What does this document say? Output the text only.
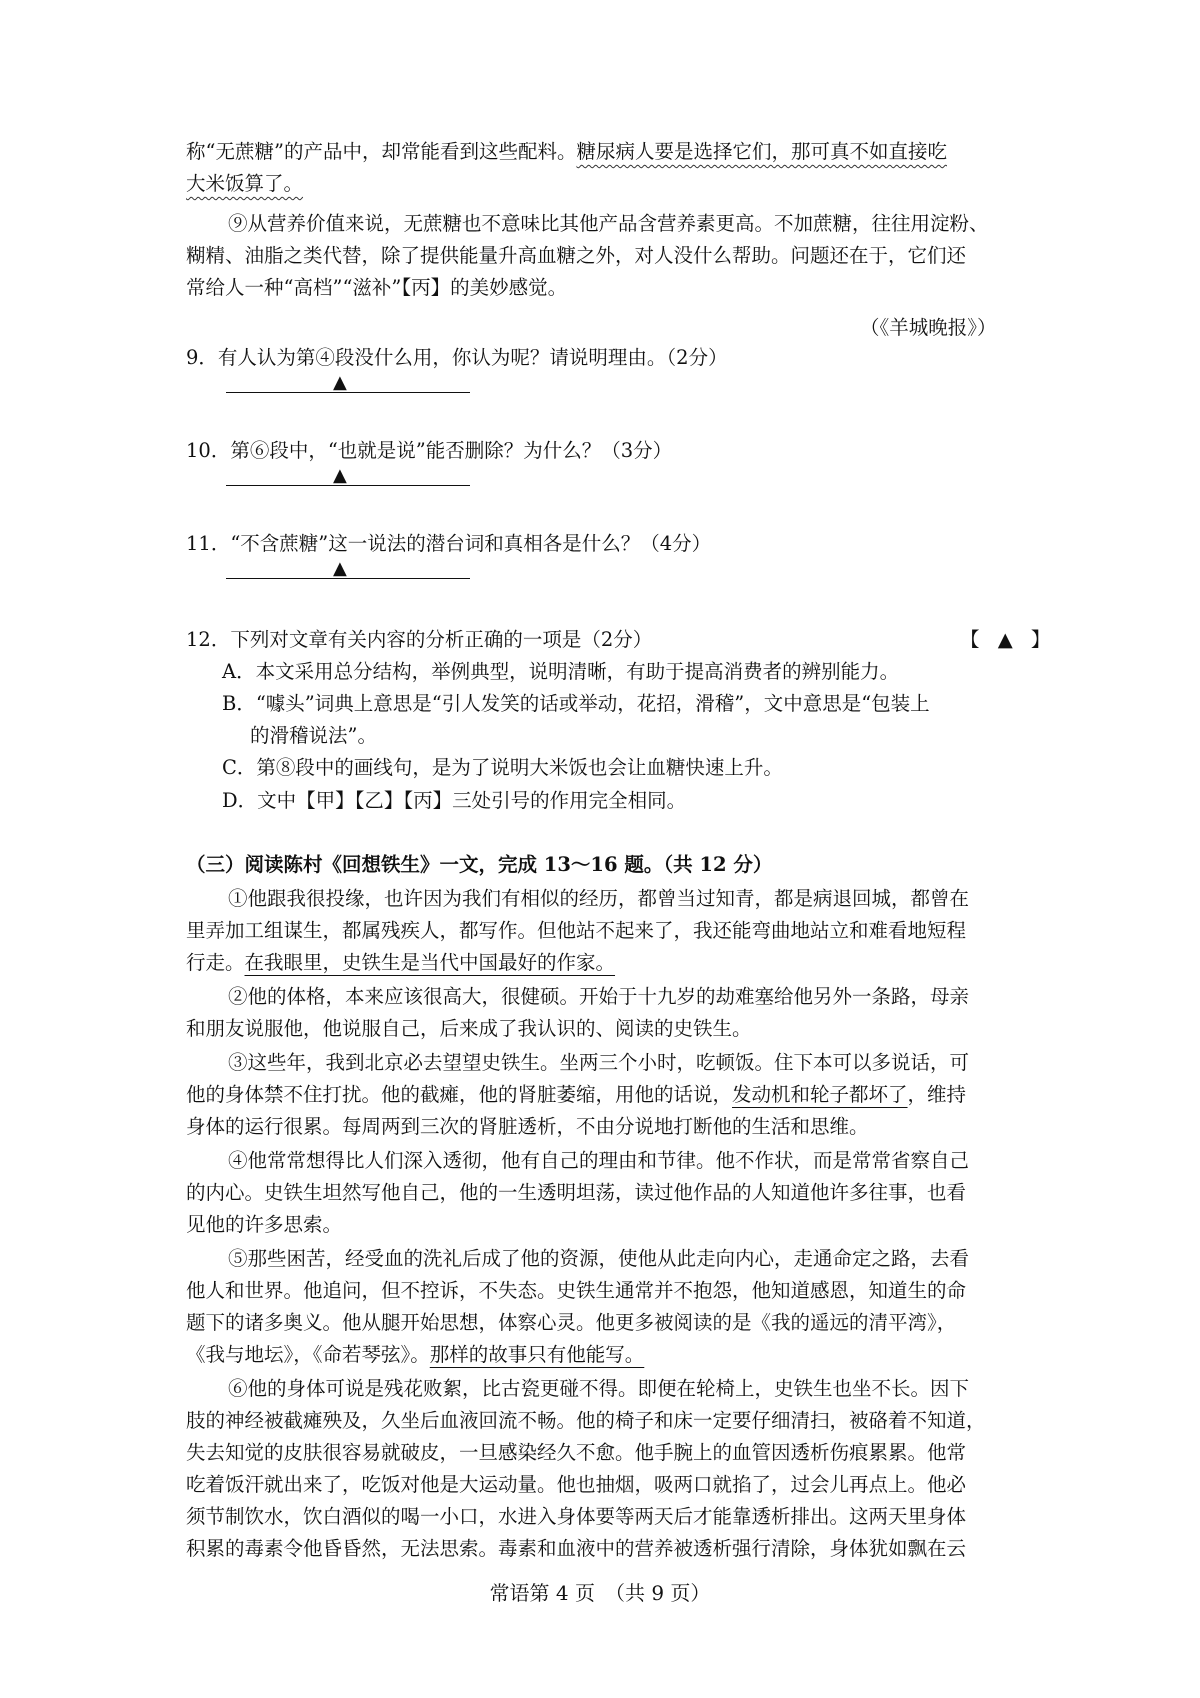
称“无蔗糖”的产品中，却常能看到这些配料。糖尿病人要是选择它们，那可真不如直接吃
大米饭算了。
⑨从营养价值来说，无蔗糖也不意味比其他产品含营养素更高。不加蔗糖，往往用淀粉、
糊精、油脂之类代替，除了提供能量升高血糖之外，对人没什么帮助。问题还在于，它们还
常给人一种“高档”“滋补”【丙】的美妙感觉。
（《羊城晚报》）
9．有人认为第④段没什么用，你认为呢？请说明理由。（2分）
▲
10．第⑥段中，“也就是说”能否删除？为什么？（3分）
▲
11．“不含蔗糖”这一说法的潜台词和真相各是什么？（4分）
▲
12．下列对文章有关内容的分析正确的一项是（2分）	【 ▲ 】
A．本文采用总分结构，举例典型，说明清晰，有助于提高消费者的辨别能力。
B．“噱头”词典上意思是“引人发笑的话或举动，花招，滑稽”，文中意思是“包装上
的滑稽说法”。
C．第⑧段中的画线句，是为了说明大米饭也会让血糖快速上升。
D．文中【甲】【乙】【丙】三处引号的作用完全相同。
（三）阅读陈村《回想铁生》一文，完成 13～16 题。（共 12 分）
①他跟我很投缘，也许因为我们有相似的经历，都曾当过知青，都是病退回城，都曾在
里弄加工组谋生，都属残疾人，都写作。但他站不起来了，我还能弯曲地站立和难看地短程
行走。在我眼里，史铁生是当代中国最好的作家。
②他的体格，本来应该很高大，很健硕。开始于十九岁的劫难塞给他另外一条路，母亲
和朋友说服他，他说服自己，后来成了我认识的、阅读的史铁生。
③这些年，我到北京必去望望史铁生。坐两三个小时，吃顿饭。住下本可以多说话，可
他的身体禁不住打扰。他的截瘫，他的肾脏萎缩，用他的话说，发动机和轮子都坏了，维持
身体的运行很累。每周两到三次的肾脏透析，不由分说地打断他的生活和思维。
④他常常想得比人们深入透彻，他有自己的理由和节律。他不作状，而是常常省察自己
的内心。史铁生坦然写他自己，他的一生透明坦荡，读过他作品的人知道他许多往事，也看
见他的许多思索。
⑤那些困苦，经受血的洗礼后成了他的资源，使他从此走向内心，走通命定之路，去看
他人和世界。他追问，但不控诉，不失态。史铁生通常并不抱怨，他知道感恩，知道生的命
题下的诸多奥义。他从腿开始思想，体察心灵。他更多被阅读的是《我的遥远的清平湾》，
《我与地坛》，《命若琴弦》。那样的故事只有他能写。
⑥他的身体可说是残花败絮，比古瓷更碰不得。即便在轮椅上，史铁生也坐不长。因下
肢的神经被截瘫殃及，久坐后血液回流不畅。他的椅子和床一定要仔细清扫，被硌着不知道，
失去知觉的皮肤很容易就破皮，一旦感染经久不愈。他手腕上的血管因透析伤痕累累。他常
吃着饭汗就出来了，吃饭对他是大运动量。他也抽烟，吸两口就掐了，过会儿再点上。他必
须节制饮水，饮白酒似的喝一小口，水进入身体要等两天后才能靠透析排出。这两天里身体
积累的毒素令他昏昏然，无法思索。毒素和血液中的营养被透析强行清除，身体犹如飘在云
常语第 4 页　（共 9 页）
